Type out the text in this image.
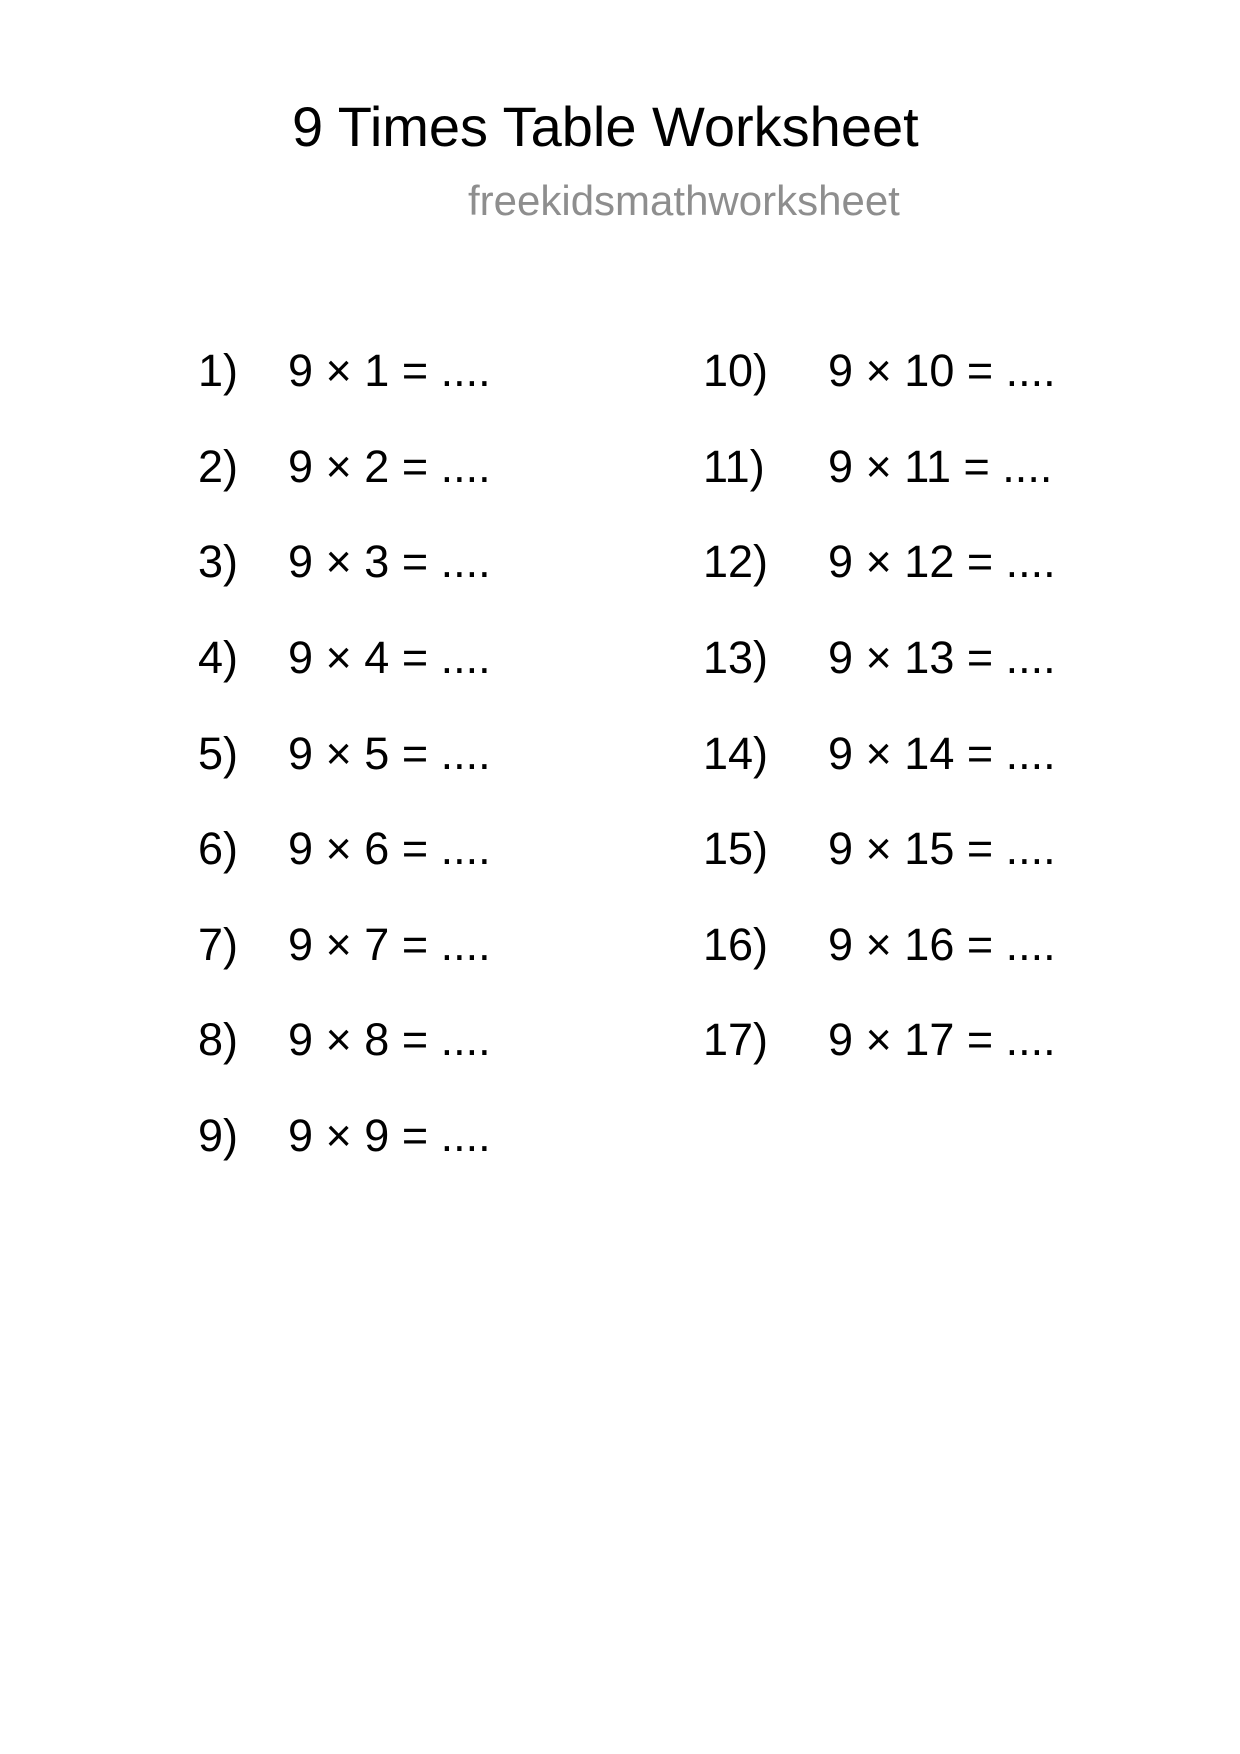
9 Times Table Worksheet
freekidsmathworksheet
1)	9 × 1 = ....
2)	9 × 2 = ....
3)	9 × 3 = ....
4)	9 × 4 = ....
5)	9 × 5 = ....
6)	9 × 6 = ....
7)	9 × 7 = ....
8)	9 × 8 = ....
9)	9 × 9 = ....
10)	9 × 10 = ....
11)	9 × 11 = ....
12)	9 × 12 = ....
13)	9 × 13 = ....
14)	9 × 14 = ....
15)	9 × 15 = ....
16)	9 × 16 = ....
17)	9 × 17 = ....
